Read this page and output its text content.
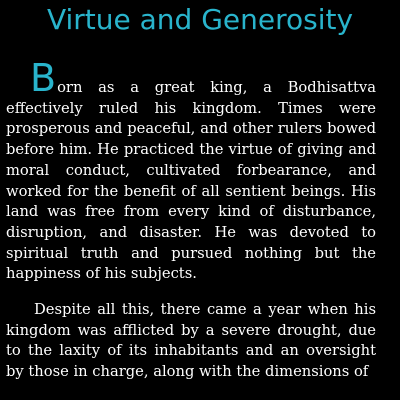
Virtue and Generosity

Born as a great king, a Bodhisattva effectively ruled his kingdom. Times were prosperous and peaceful, and other rulers bowed before him. He practiced the virtue of giving and moral conduct, cultivated forbearance, and worked for the benefit of all sentient beings. His land was free from every kind of disturbance, disruption, and disaster. He was devoted to spiritual truth and pursued nothing but the happiness of his subjects.

Despite all this, there came a year when his kingdom was afflicted by a severe drought, due to the laxity of its inhabitants and an oversight by those in charge, along with the dimensions of
